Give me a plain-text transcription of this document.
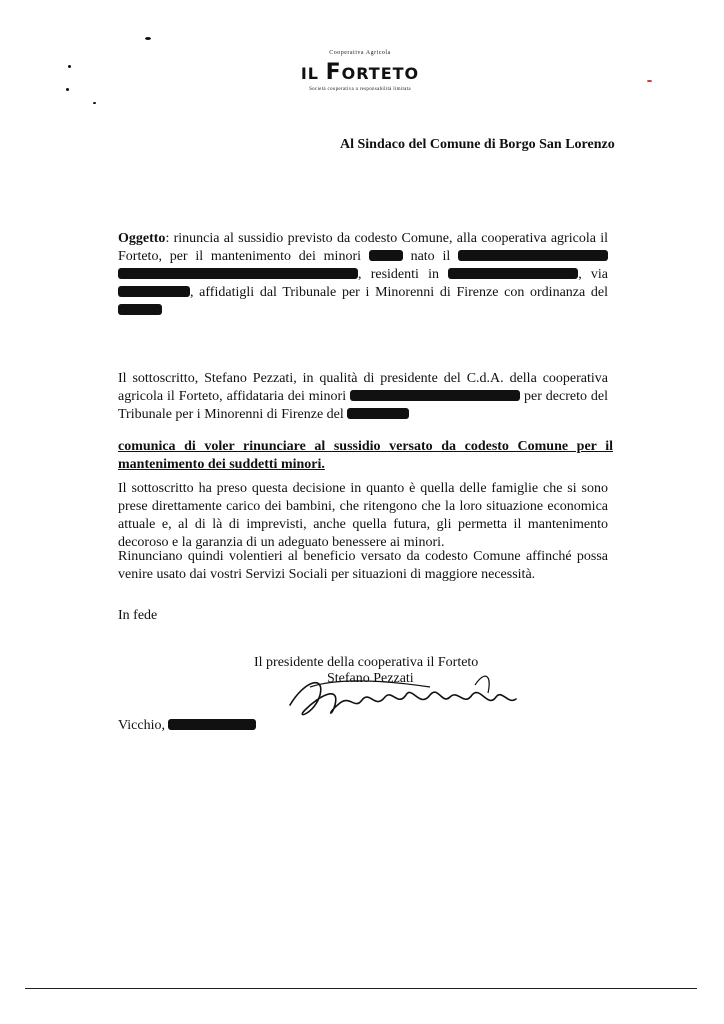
Cooperativa Agricola
IL FORTETO
Società cooperativa a responsabilità limitata
Al Sindaco del Comune di Borgo San Lorenzo
Oggetto: rinuncia al sussidio previsto da codesto Comune, alla cooperativa agricola il Forteto, per il mantenimento dei minori	nato il  , residenti in	, via , affidatigli dal Tribunale per i Minorenni di Firenze con ordinanza del
Il sottoscritto, Stefano Pezzati, in qualità di presidente del C.d.A. della cooperativa agricola il Forteto, affidataria dei minori	per decreto del Tribunale per i Minorenni di Firenze del
comunica di voler rinunciare al sussidio versato da codesto Comune per il mantenimento dei suddetti minori.
Il sottoscritto ha preso questa decisione in quanto è quella delle famiglie che si sono prese direttamente carico dei bambini, che ritengono che la loro situazione economica attuale e, al di là di imprevisti, anche quella futura, gli permetta il mantenimento decoroso e la garanzia di un adeguato benessere ai minori.
Rinunciano quindi volentieri al beneficio versato da codesto Comune affinché possa venire usato dai vostri Servizi Sociali per situazioni di maggiore necessità.
In fede
Il presidente della cooperativa il Forteto
Stefano Pezzati
Vicchio,
